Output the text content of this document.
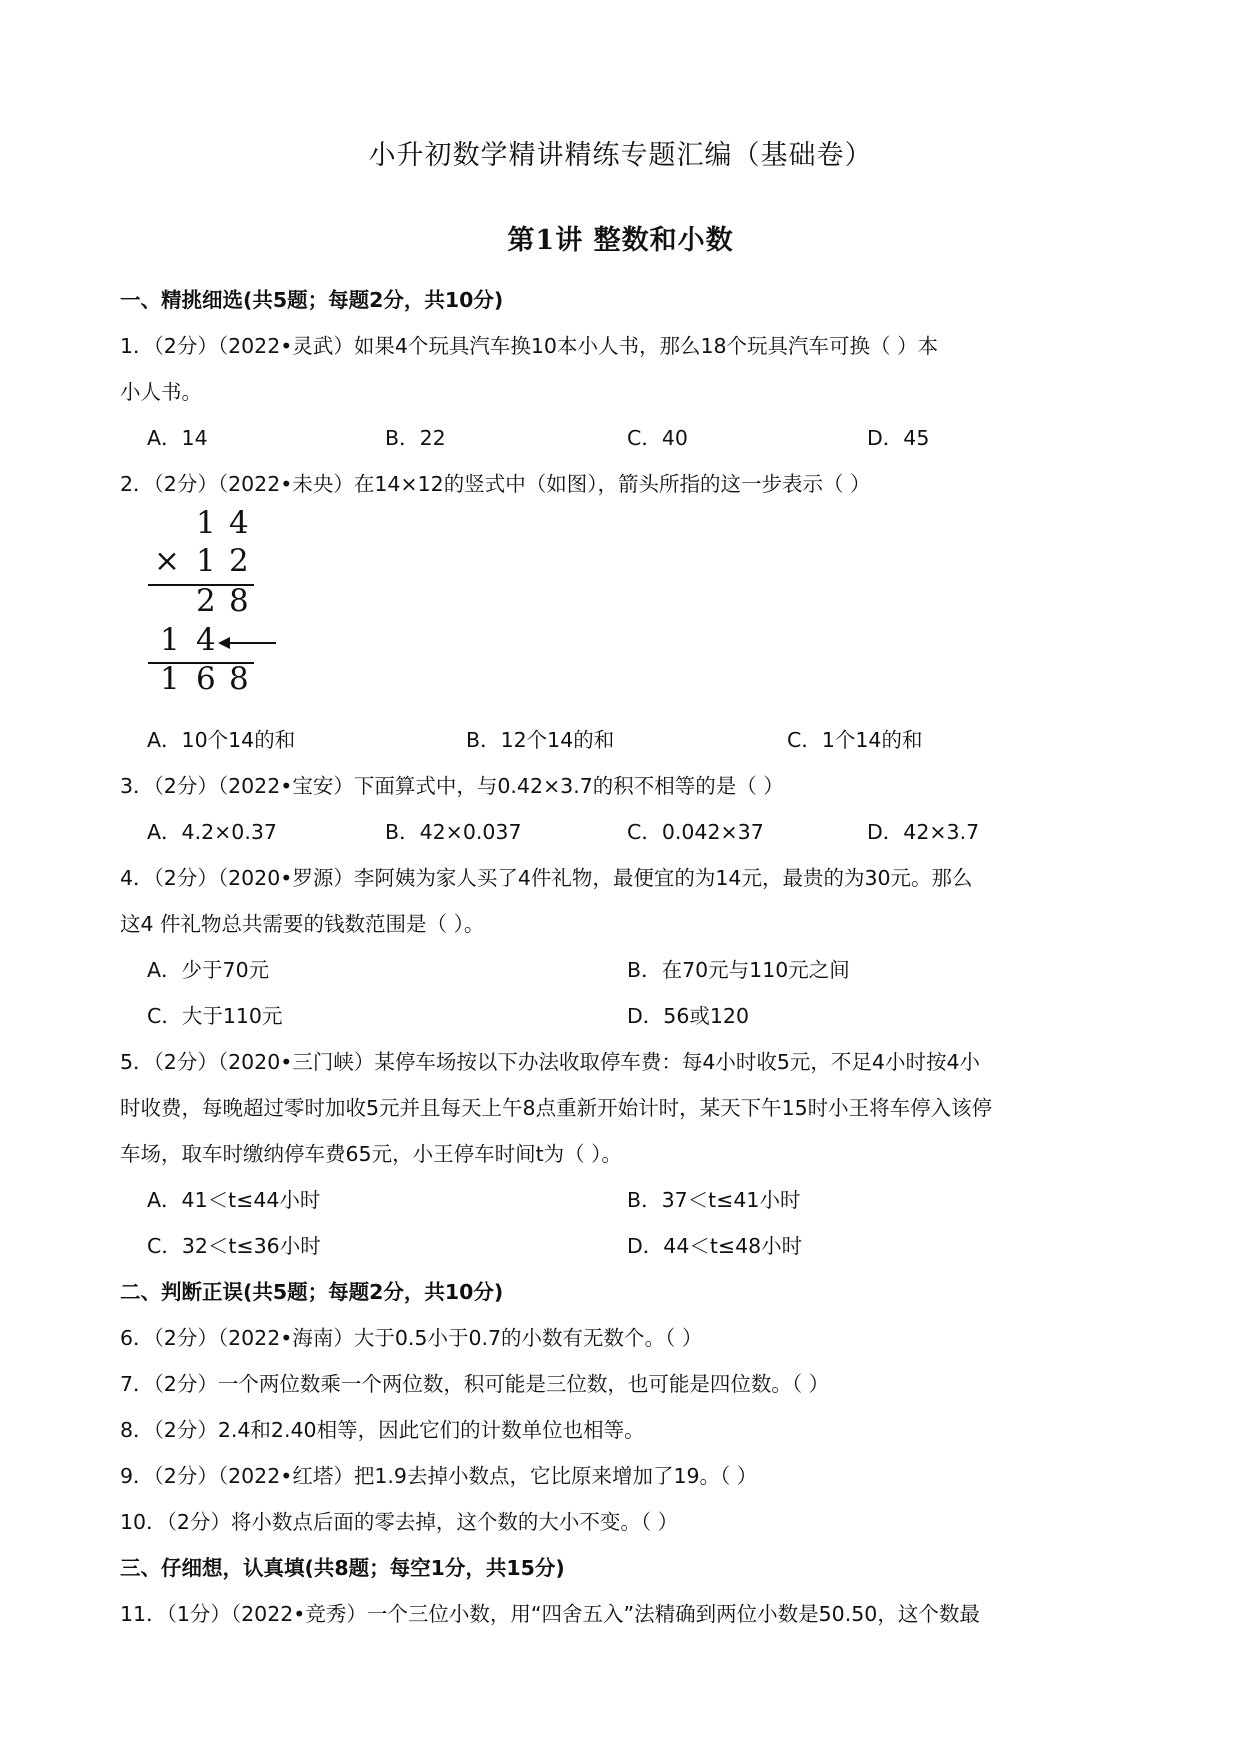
小升初数学精讲精练专题汇编（基础卷）
第1讲 整数和小数
一、精挑细选(共5题；每题2分，共10分)
1．（2分）（2022•灵武）如果4个玩具汽车换10本小人书，那么18个玩具汽车可换（ ）本
小人书。
A．14	B．22	C．40	D．45
2．（2分）（2022•未央）在14×12的竖式中（如图），箭头所指的这一步表示（ ）
1 4
× 1 2
2 8
1 4
1 6 8
A．10个14的和	B．12个14的和	C．1个14的和
3．（2分）（2022•宝安）下面算式中，与0.42×3.7的积不相等的是（ ）
A．4.2×0.37	B．42×0.037	C．0.042×37	D．42×3.7
4．（2分）（2020•罗源）李阿姨为家人买了4件礼物，最便宜的为14元，最贵的为30元。那么
这4 件礼物总共需要的钱数范围是（ ）。
A．少于70元	B．在70元与110元之间
C．大于110元	D．56或120
5．（2分）（2020•三门峡）某停车场按以下办法收取停车费：每4小时收5元，不足4小时按4小
时收费，每晚超过零时加收5元并且每天上午8点重新开始计时，某天下午15时小王将车停入该停
车场，取车时缴纳停车费65元，小王停车时间t为（ ）。
A．41＜t≤44小时	B．37＜t≤41小时
C．32＜t≤36小时	D．44＜t≤48小时
二、判断正误(共5题；每题2分，共10分)
6．（2分）（2022•海南）大于0.5小于0.7的小数有无数个。（ ）
7．（2分）一个两位数乘一个两位数，积可能是三位数，也可能是四位数。（ ）
8．（2分）2.4和2.40相等，因此它们的计数单位也相等。
9．（2分）（2022•红塔）把1.9去掉小数点，它比原来增加了19。（ ）
10．（2分）将小数点后面的零去掉，这个数的大小不变。（ ）
三、仔细想，认真填(共8题；每空1分，共15分)
11．（1分）（2022•竞秀）一个三位小数，用“四舍五入”法精确到两位小数是50.50，这个数最
